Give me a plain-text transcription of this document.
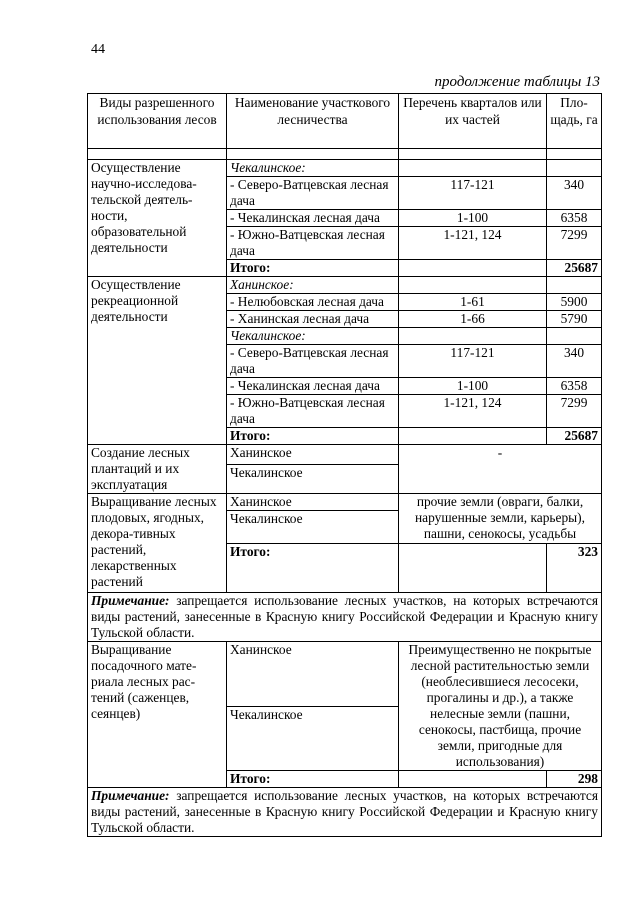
44
продолжение таблицы 13
Виды разрешенного использования лесов	Наименование участкового лесничества	Перечень кварталов или их частей	Пло-щадь, га

Осуществление научно-исследова-тельской деятель-ности, образовательной деятельности	Чекалинское:		
	- Северо-Ватцевская лесная дача	117-121	340
	- Чекалинская лесная дача	1-100	6358
	- Южно-Ватцевская лесная дача	1-121, 124	7299
	Итого:		25687
Осуществление рекреационной деятельности	Ханинское:		
	- Нелюбовская лесная дача	1-61	5900
	- Ханинская лесная дача	1-66	5790
	Чекалинское:		
	- Северо-Ватцевская лесная дача	117-121	340
	- Чекалинская лесная дача	1-100	6358
	- Южно-Ватцевская лесная дача	1-121, 124	7299
	Итого:		25687
Создание лесных плантаций и их эксплуатация	Ханинское	-	
	Чекалинское		
Выращивание лесных плодовых, ягодных, декора-тивных растений, лекарственных растений	Ханинское	прочие земли (овраги, балки, нарушенные земли, карьеры), пашни, сенокосы, усадьбы	
	Чекалинское		
	Итого:		323
Примечание: запрещается использование лесных участков, на которых встречаются виды растений, занесенные в Красную книгу Российской Федерации и Красную книгу Тульской области.			
Выращивание посадочного мате-риала лесных рас-тений (саженцев, сеянцев)	Ханинское	Преимущественно не покрытые лесной растительностью земли (необлесившиеся лесосеки, прогалины и др.), а также нелесные земли (пашни, сенокосы, пастбища, прочие земли, пригодные для использования)	
	Чекалинское		
	Итого:		298
Примечание: запрещается использование лесных участков, на которых встречаются виды растений, занесенные в Красную книгу Российской Федерации и Красную книгу Тульской области.			
